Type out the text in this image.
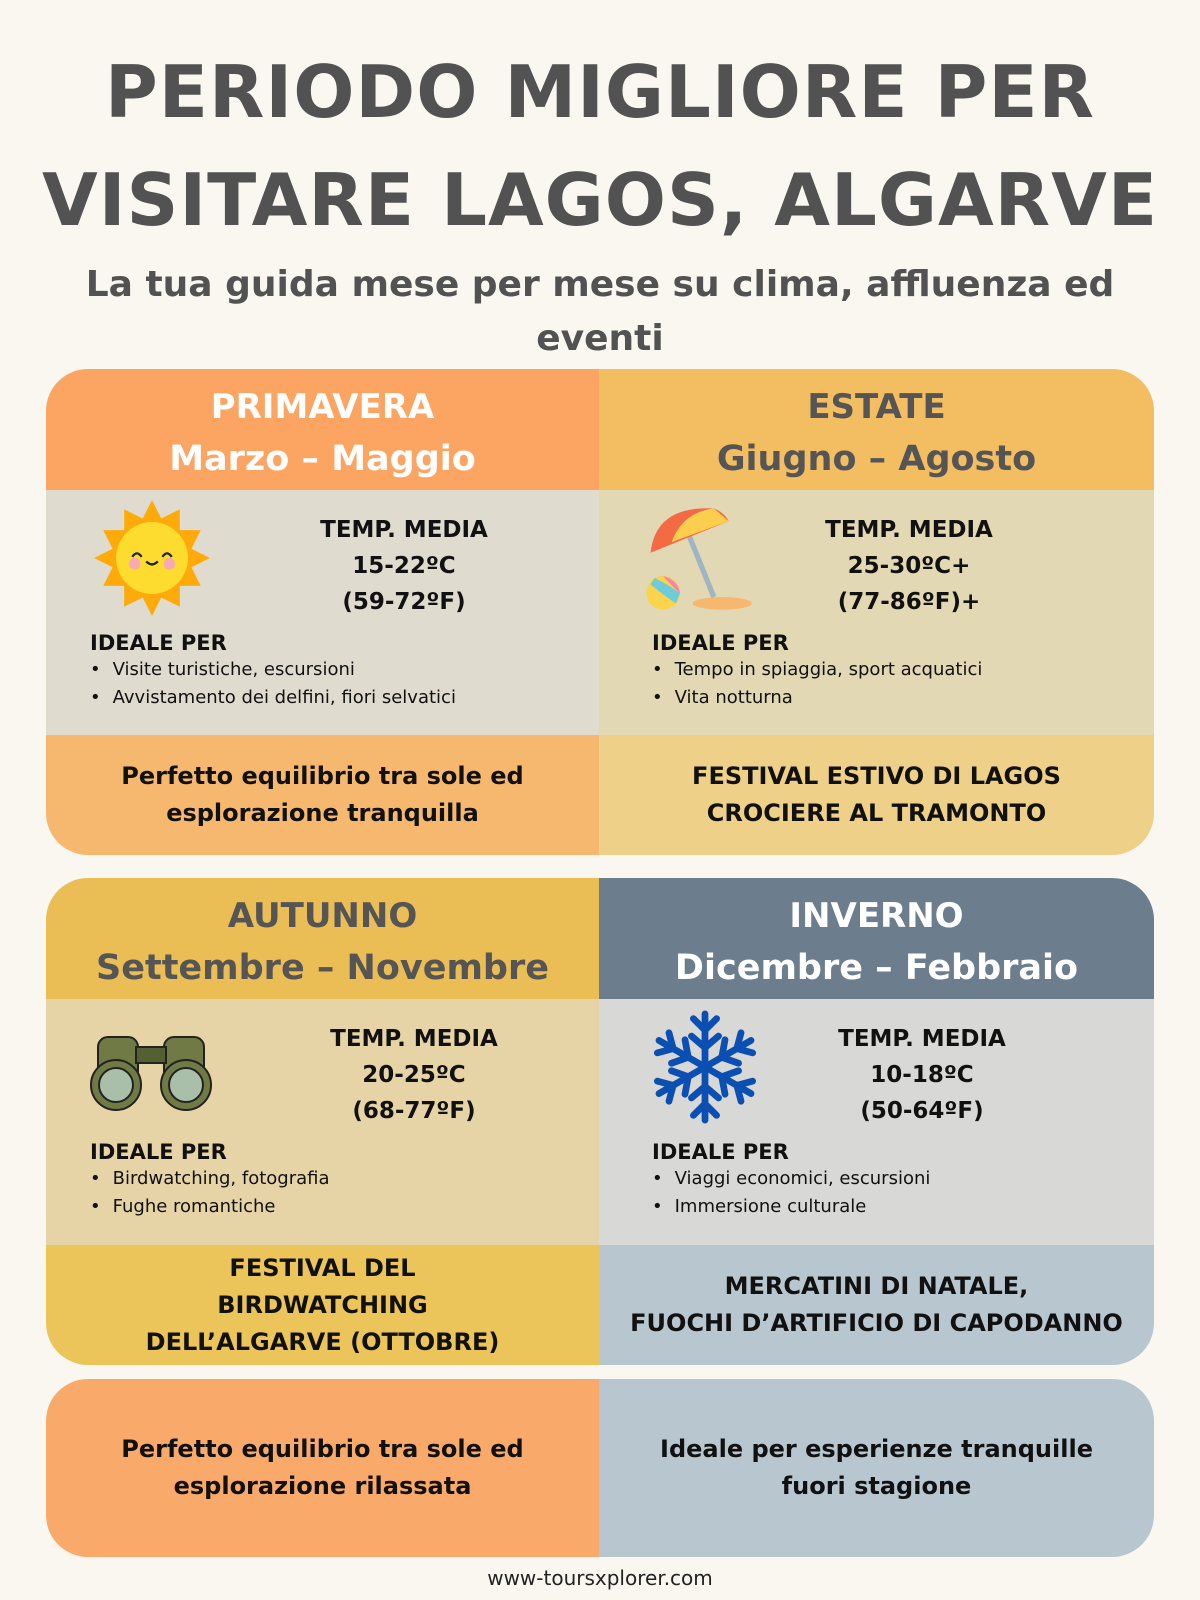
PERIODO MIGLIORE PER
VISITARE LAGOS, ALGARVE
La tua guida mese per mese su clima, affluenza ed eventi
PRIMAVERA
Marzo – Maggio
ESTATE
Giugno – Agosto
TEMP. MEDIA
15-22ºC
(59-72ºF)
IDEALE PER
• Visite turistiche, escursioni
• Avvistamento dei delfini, fiori selvatici
TEMP. MEDIA
25-30ºC+
(77-86ºF)+
IDEALE PER
• Tempo in spiaggia, sport acquatici
• Vita notturna
Perfetto equilibrio tra sole ed esplorazione tranquilla
FESTIVAL ESTIVO DI LAGOS
CROCIERE AL TRAMONTO
AUTUNNO
Settembre – Novembre
INVERNO
Dicembre – Febbraio
TEMP. MEDIA
20-25ºC
(68-77ºF)
IDEALE PER
• Birdwatching, fotografia
• Fughe romantiche
TEMP. MEDIA
10-18ºC
(50-64ºF)
IDEALE PER
• Viaggi economici, escursioni
• Immersione culturale
FESTIVAL DEL BIRDWATCHING DELL’ALGARVE (OTTOBRE)
MERCATINI DI NATALE,
FUOCHI D’ARTIFICIO DI CAPODANNO
Perfetto equilibrio tra sole ed esplorazione rilassata
Ideale per esperienze tranquille fuori stagione
www-toursxplorer.com
